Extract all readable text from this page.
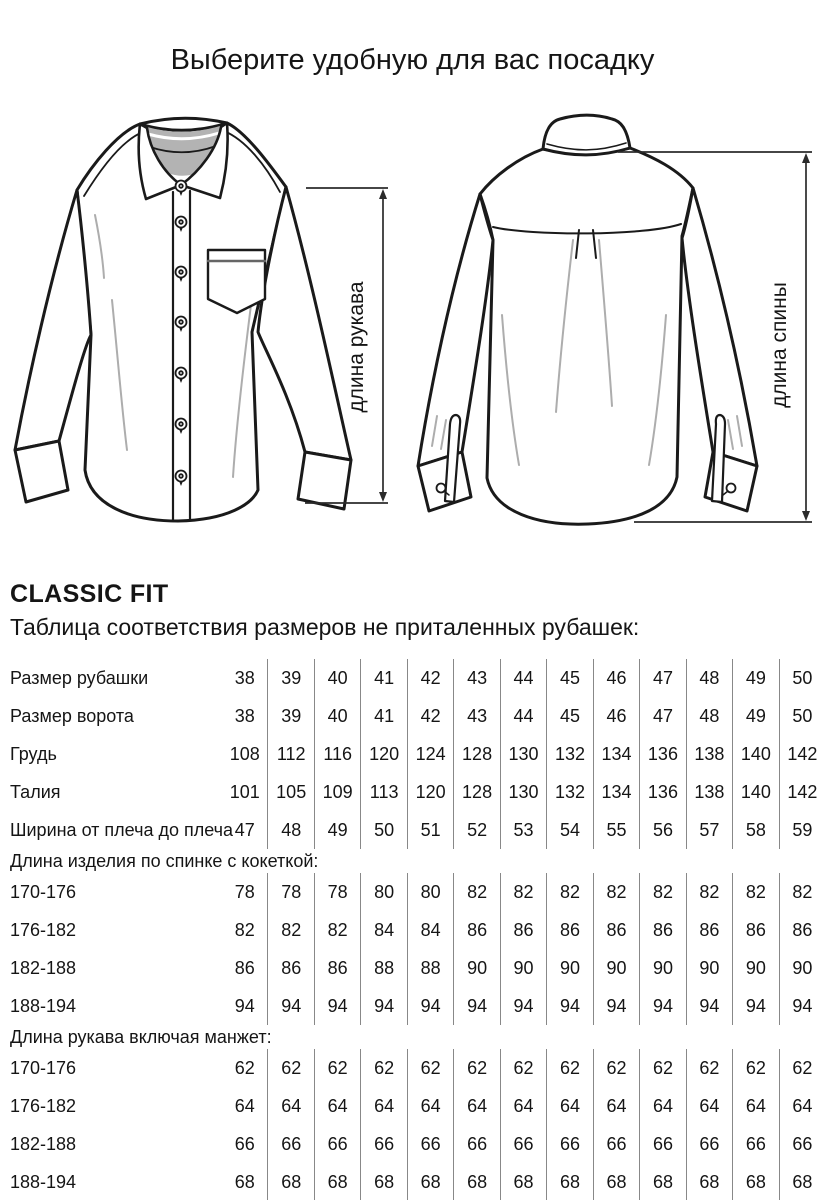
Выберите удобную для вас посадку
длина рукава	длина спины
CLASSIC FIT
Таблица соответствия размеров не приталенных рубашек:
Размер рубашки	38	39	40	41	42	43	44	45	46	47	48	49	50
Размер ворота	38	39	40	41	42	43	44	45	46	47	48	49	50
Грудь	108 112 116 120 124 128 130 132 134 136 138 140 142
Талия	101 105 109 113 120 128 130 132 134 136 138 140 142
Ширина от плеча до плеча 47	48	49	50	51	52	53	54	55	56	57	58	59
Длина изделия по спинке с кокеткой:
170-176	78	78	78	80	80	82	82	82	82	82	82	82	82
176-182	82	82	82	84	84	86	86	86	86	86	86	86	86
182-188	86	86	86	88	88	90	90	90	90	90	90	90	90
188-194	94	94	94	94	94	94	94	94	94	94	94	94	94
Длина рукава включая манжет:
170-176	62	62	62	62	62	62	62	62	62	62	62	62	62
176-182	64	64	64	64	64	64	64	64	64	64	64	64	64
182-188	66	66	66	66	66	66	66	66	66	66	66	66	66
188-194	68	68	68	68	68	68	68	68	68	68	68	68	68
